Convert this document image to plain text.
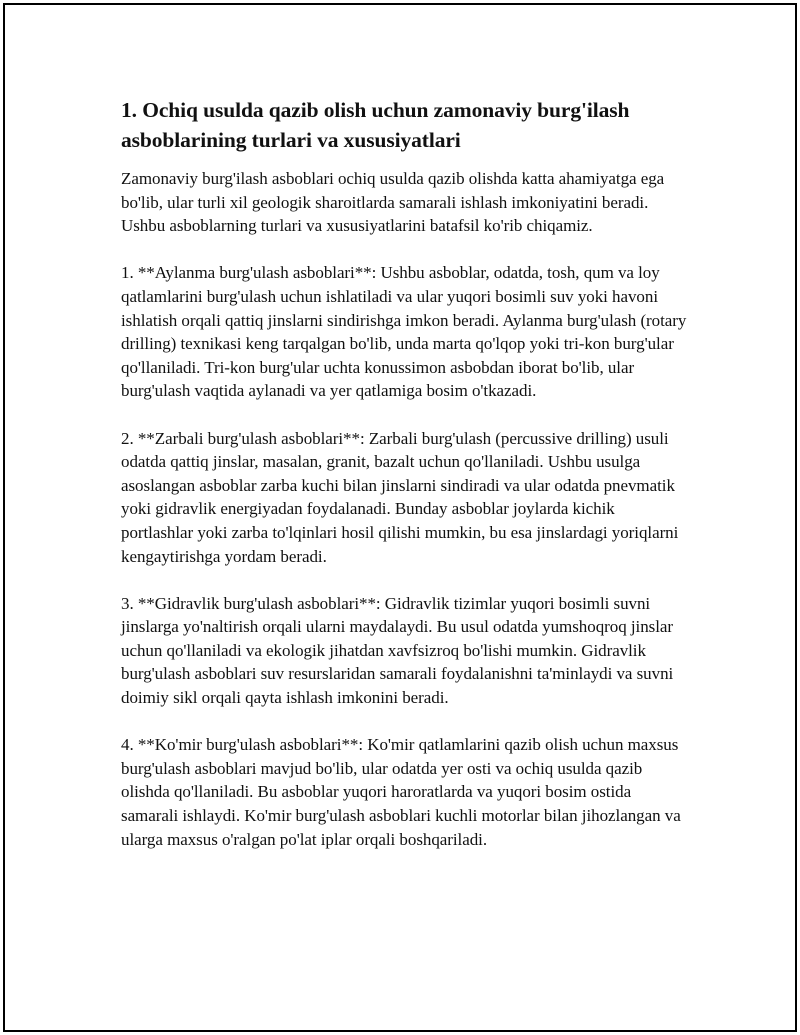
1. Ochiq usulda qazib olish uchun zamonaviy burg'ilash asboblarining turlari va xususiyatlari

Zamonaviy burg'ilash asboblari ochiq usulda qazib olishda katta ahamiyatga ega bo'lib, ular turli xil geologik sharoitlarda samarali ishlash imkoniyatini beradi. Ushbu asboblarning turlari va xususiyatlarini batafsil ko'rib chiqamiz.

1. **Aylanma burg'ulash asboblari**: Ushbu asboblar, odatda, tosh, qum va loy qatlamlarini burg'ulash uchun ishlatiladi va ular yuqori bosimli suv yoki havoni ishlatish orqali qattiq jinslarni sindirishga imkon beradi. Aylanma burg'ulash (rotary drilling) texnikasi keng tarqalgan bo'lib, unda marta qo'lqop yoki tri-kon burg'ular qo'llaniladi. Tri-kon burg'ular uchta konussimon asbobdan iborat bo'lib, ular burg'ulash vaqtida aylanadi va yer qatlamiga bosim o'tkazadi.

2. **Zarbali burg'ulash asboblari**: Zarbali burg'ulash (percussive drilling) usuli odatda qattiq jinslar, masalan, granit, bazalt uchun qo'llaniladi. Ushbu usulga asoslangan asboblar zarba kuchi bilan jinslarni sindiradi va ular odatda pnevmatik yoki gidravlik energiyadan foydalanadi. Bunday asboblar joylarda kichik portlashlar yoki zarba to'lqinlari hosil qilishi mumkin, bu esa jinslardagi yoriqlarni kengaytirishga yordam beradi.

3. **Gidravlik burg'ulash asboblari**: Gidravlik tizimlar yuqori bosimli suvni jinslarga yo'naltirish orqali ularni maydalaydi. Bu usul odatda yumshoqroq jinslar uchun qo'llaniladi va ekologik jihatdan xavfsizroq bo'lishi mumkin. Gidravlik burg'ulash asboblari suv resurslaridan samarali foydalanishni ta'minlaydi va suvni doimiy sikl orqali qayta ishlash imkonini beradi.

4. **Ko'mir burg'ulash asboblari**: Ko'mir qatlamlarini qazib olish uchun maxsus burg'ulash asboblari mavjud bo'lib, ular odatda yer osti va ochiq usulda qazib olishda qo'llaniladi. Bu asboblar yuqori haroratlarda va yuqori bosim ostida samarali ishlaydi. Ko'mir burg'ulash asboblari kuchli motorlar bilan jihozlangan va ularga maxsus o'ralgan po'lat iplar orqali boshqariladi.
